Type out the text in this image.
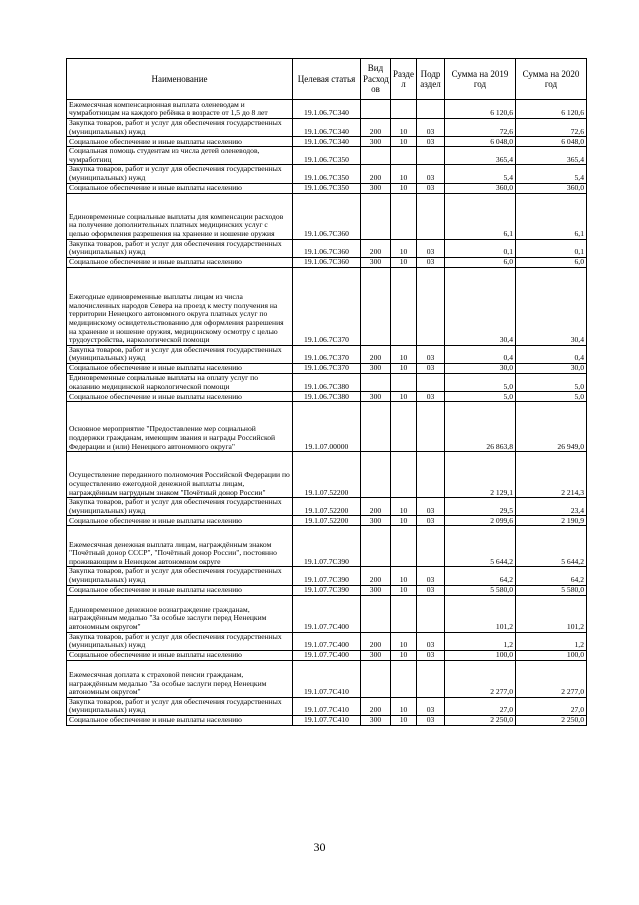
Наименование	Целевая статья	Вид Расход ов	Разде л	Подр аздел	Сумма на 2019 год	Сумма на 2020 год
Ежемесячная компенсационная выплата оленеводам и чумработницам на каждого ребёнка в возрасте от 1,5 до 8 лет	19.1.06.7С340				6 120,6	6 120,6
Закупка товаров, работ и услуг для обеспечения государственных (муниципальных) нужд	19.1.06.7С340	200	10	03	72,6	72,6
Социальное обеспечение и иные выплаты населению	19.1.06.7С340	300	10	03	6 048,0	6 048,0
Социальная помощь студентам из числа детей оленеводов, чумработниц	19.1.06.7С350				365,4	365,4
Закупка товаров, работ и услуг для обеспечения государственных (муниципальных) нужд	19.1.06.7С350	200	10	03	5,4	5,4
Социальное обеспечение и иные выплаты населению	19.1.06.7С350	300	10	03	360,0	360,0
Единовременные социальные выплаты для компенсации расходов на получение дополнительных платных медицинских услуг с целью оформления разрешения на хранение и ношение оружия	19.1.06.7С360				6,1	6,1
Закупка товаров, работ и услуг для обеспечения государственных (муниципальных) нужд	19.1.06.7С360	200	10	03	0,1	0,1
Социальное обеспечение и иные выплаты населению	19.1.06.7С360	300	10	03	6,0	6,0
Ежегодные единовременные выплаты лицам из числа малочисленных народов Севера на проезд к месту получения на территории Ненецкого автономного округа платных услуг по медицинскому освидетельствованию для оформления разрешения на хранение и ношение оружия, медицинскому осмотру с целью трудоустройства, наркологической помощи	19.1.06.7С370				30,4	30,4
Закупка товаров, работ и услуг для обеспечения государственных (муниципальных) нужд	19.1.06.7С370	200	10	03	0,4	0,4
Социальное обеспечение и иные выплаты населению	19.1.06.7С370	300	10	03	30,0	30,0
Единовременные социальные выплаты на оплату услуг по оказанию медицинской наркологической помощи	19.1.06.7С380				5,0	5,0
Социальное обеспечение и иные выплаты населению	19.1.06.7С380	300	10	03	5,0	5,0
Основное мероприятие "Предоставление мер социальной поддержки гражданам, имеющим звания и награды Российской Федерации и (или) Ненецкого автономного округа"	19.1.07.00000				26 863,8	26 949,0
Осуществление переданного полномочия Российской Федерации по осуществлению ежегодной денежной выплаты лицам, награждённым нагрудным знаком "Почётный донор России"	19.1.07.52200				2 129,1	2 214,3
Закупка товаров, работ и услуг для обеспечения государственных (муниципальных) нужд	19.1.07.52200	200	10	03	29,5	23,4
Социальное обеспечение и иные выплаты населению	19.1.07.52200	300	10	03	2 099,6	2 190,9
Ежемесячная денежная выплата лицам, награждённым знаком "Почётный донор СССР", "Почётный донор России", постоянно проживающим в Ненецком автономном округе	19.1.07.7С390				5 644,2	5 644,2
Закупка товаров, работ и услуг для обеспечения государственных (муниципальных) нужд	19.1.07.7С390	200	10	03	64,2	64,2
Социальное обеспечение и иные выплаты населению	19.1.07.7С390	300	10	03	5 580,0	5 580,0
Единовременное денежное вознаграждение гражданам, награждённым медалью "За особые заслуги перед Ненецким автономным округом"	19.1.07.7С400				101,2	101,2
Закупка товаров, работ и услуг для обеспечения государственных (муниципальных) нужд	19.1.07.7С400	200	10	03	1,2	1,2
Социальное обеспечение и иные выплаты населению	19.1.07.7С400	300	10	03	100,0	100,0
Ежемесячная доплата к страховой пенсии гражданам, награждённым медалью "За особые заслуги перед Ненецким автономным округом"	19.1.07.7С410				2 277,0	2 277,0
Закупка товаров, работ и услуг для обеспечения государственных (муниципальных) нужд	19.1.07.7С410	200	10	03	27,0	27,0
Социальное обеспечение и иные выплаты населению	19.1.07.7С410	300	10	03	2 250,0	2 250,0
30
